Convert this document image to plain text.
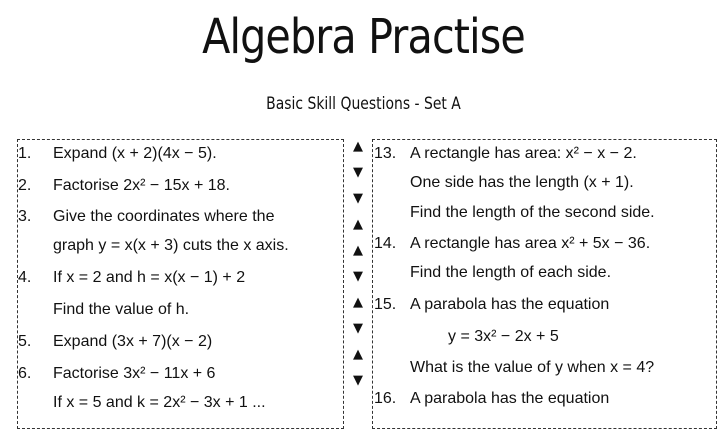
Algebra Practise
Basic Skill Questions - Set A
1.
2.
3.
4.
5.
6.
Expand (x + 2)(4x − 5).
Factorise 2x² − 15x + 18.
Give the coordinates where the
graph y = x(x + 3) cuts the x axis.
If x = 2 and h = x(x − 1) + 2
Find the value of h.
Expand (3x + 7)(x − 2)
Factorise 3x² − 11x + 6
If x = 5 and k = 2x² − 3x + 1 ...
13.
14.
15.
16.
A rectangle has area: x² − x − 2.
One side has the length (x + 1).
Find the length of the second side.
A rectangle has area x² + 5x − 36.
Find the length of each side.
A parabola has the equation
y = 3x² − 2x + 5
What is the value of y when x = 4?
A parabola has the equation
▲
▼
▼
▲
▲
▼
▲
▼
▲
▼
